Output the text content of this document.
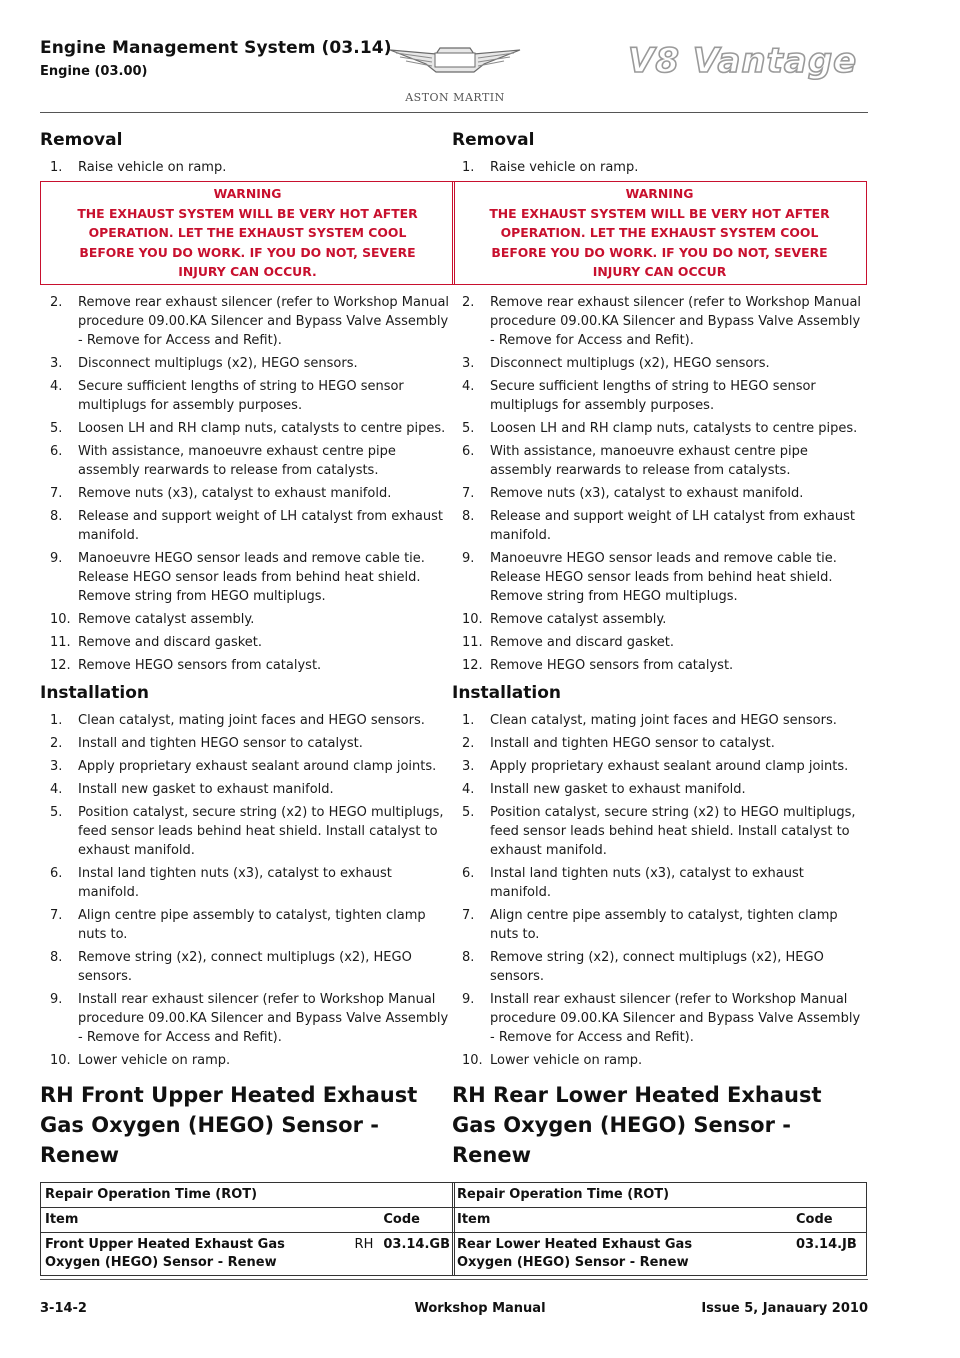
Engine Management System (03.14)
Engine (03.00)
ASTON MARTIN
V8 Vantage
Removal
1. Raise vehicle on ramp.
WARNING
THE EXHAUST SYSTEM WILL BE VERY HOT AFTER
OPERATION. LET THE EXHAUST SYSTEM COOL
BEFORE YOU DO WORK. IF YOU DO NOT, SEVERE
INJURY CAN OCCUR.
2. Remove rear exhaust silencer (refer to Workshop Manual procedure 09.00.KA Silencer and Bypass Valve Assembly - Remove for Access and Refit).
3. Disconnect multiplugs (x2), HEGO sensors.
4. Secure sufficient lengths of string to HEGO sensor multiplugs for assembly purposes.
5. Loosen LH and RH clamp nuts, catalysts to centre pipes.
6. With assistance, manoeuvre exhaust centre pipe assembly rearwards to release from catalysts.
7. Remove nuts (x3), catalyst to exhaust manifold.
8. Release and support weight of LH catalyst from exhaust manifold.
9. Manoeuvre HEGO sensor leads and remove cable tie. Release HEGO sensor leads from behind heat shield. Remove string from HEGO multiplugs.
10. Remove catalyst assembly.
11. Remove and discard gasket.
12. Remove HEGO sensors from catalyst.
Installation
1. Clean catalyst, mating joint faces and HEGO sensors.
2. Install and tighten HEGO sensor to catalyst.
3. Apply proprietary exhaust sealant around clamp joints.
4. Install new gasket to exhaust manifold.
5. Position catalyst, secure string (x2) to HEGO multiplugs, feed sensor leads behind heat shield. Install catalyst to exhaust manifold.
6. Instal land tighten nuts (x3), catalyst to exhaust manifold.
7. Align centre pipe assembly to catalyst, tighten clamp nuts to.
8. Remove string (x2), connect multiplugs (x2), HEGO sensors.
9. Install rear exhaust silencer (refer to Workshop Manual procedure 09.00.KA Silencer and Bypass Valve Assembly - Remove for Access and Refit).
10. Lower vehicle on ramp.
RH Front Upper Heated Exhaust Gas Oxygen (HEGO) Sensor - Renew
Repair Operation Time (ROT)		
Item		Code
Front Upper Heated Exhaust Gas Oxygen (HEGO) Sensor - Renew	RH	03.14.GB
Removal
1. Raise vehicle on ramp.
WARNING
THE EXHAUST SYSTEM WILL BE VERY HOT AFTER
OPERATION. LET THE EXHAUST SYSTEM COOL
BEFORE YOU DO WORK. IF YOU DO NOT, SEVERE
INJURY CAN OCCUR
2. Remove rear exhaust silencer (refer to Workshop Manual procedure 09.00.KA Silencer and Bypass Valve Assembly - Remove for Access and Refit).
3. Disconnect multiplugs (x2), HEGO sensors.
4. Secure sufficient lengths of string to HEGO sensor multiplugs for assembly purposes.
5. Loosen LH and RH clamp nuts, catalysts to centre pipes.
6. With assistance, manoeuvre exhaust centre pipe assembly rearwards to release from catalysts.
7. Remove nuts (x3), catalyst to exhaust manifold.
8. Release and support weight of LH catalyst from exhaust manifold.
9. Manoeuvre HEGO sensor leads and remove cable tie. Release HEGO sensor leads from behind heat shield. Remove string from HEGO multiplugs.
10. Remove catalyst assembly.
11. Remove and discard gasket.
12. Remove HEGO sensors from catalyst.
Installation
1. Clean catalyst, mating joint faces and HEGO sensors.
2. Install and tighten HEGO sensor to catalyst.
3. Apply proprietary exhaust sealant around clamp joints.
4. Install new gasket to exhaust manifold.
5. Position catalyst, secure string (x2) to HEGO multiplugs, feed sensor leads behind heat shield. Install catalyst to exhaust manifold.
6. Instal land tighten nuts (x3), catalyst to exhaust manifold.
7. Align centre pipe assembly to catalyst, tighten clamp nuts to.
8. Remove string (x2), connect multiplugs (x2), HEGO sensors.
9. Install rear exhaust silencer (refer to Workshop Manual procedure 09.00.KA Silencer and Bypass Valve Assembly - Remove for Access and Refit).
10. Lower vehicle on ramp.
RH Rear Lower Heated Exhaust Gas Oxygen (HEGO) Sensor - Renew
Repair Operation Time (ROT)		
Item		Code
Rear Lower Heated Exhaust Gas Oxygen (HEGO) Sensor - Renew		03.14.JB
3-14-2	Workshop Manual	Issue 5, Janauary 2010
